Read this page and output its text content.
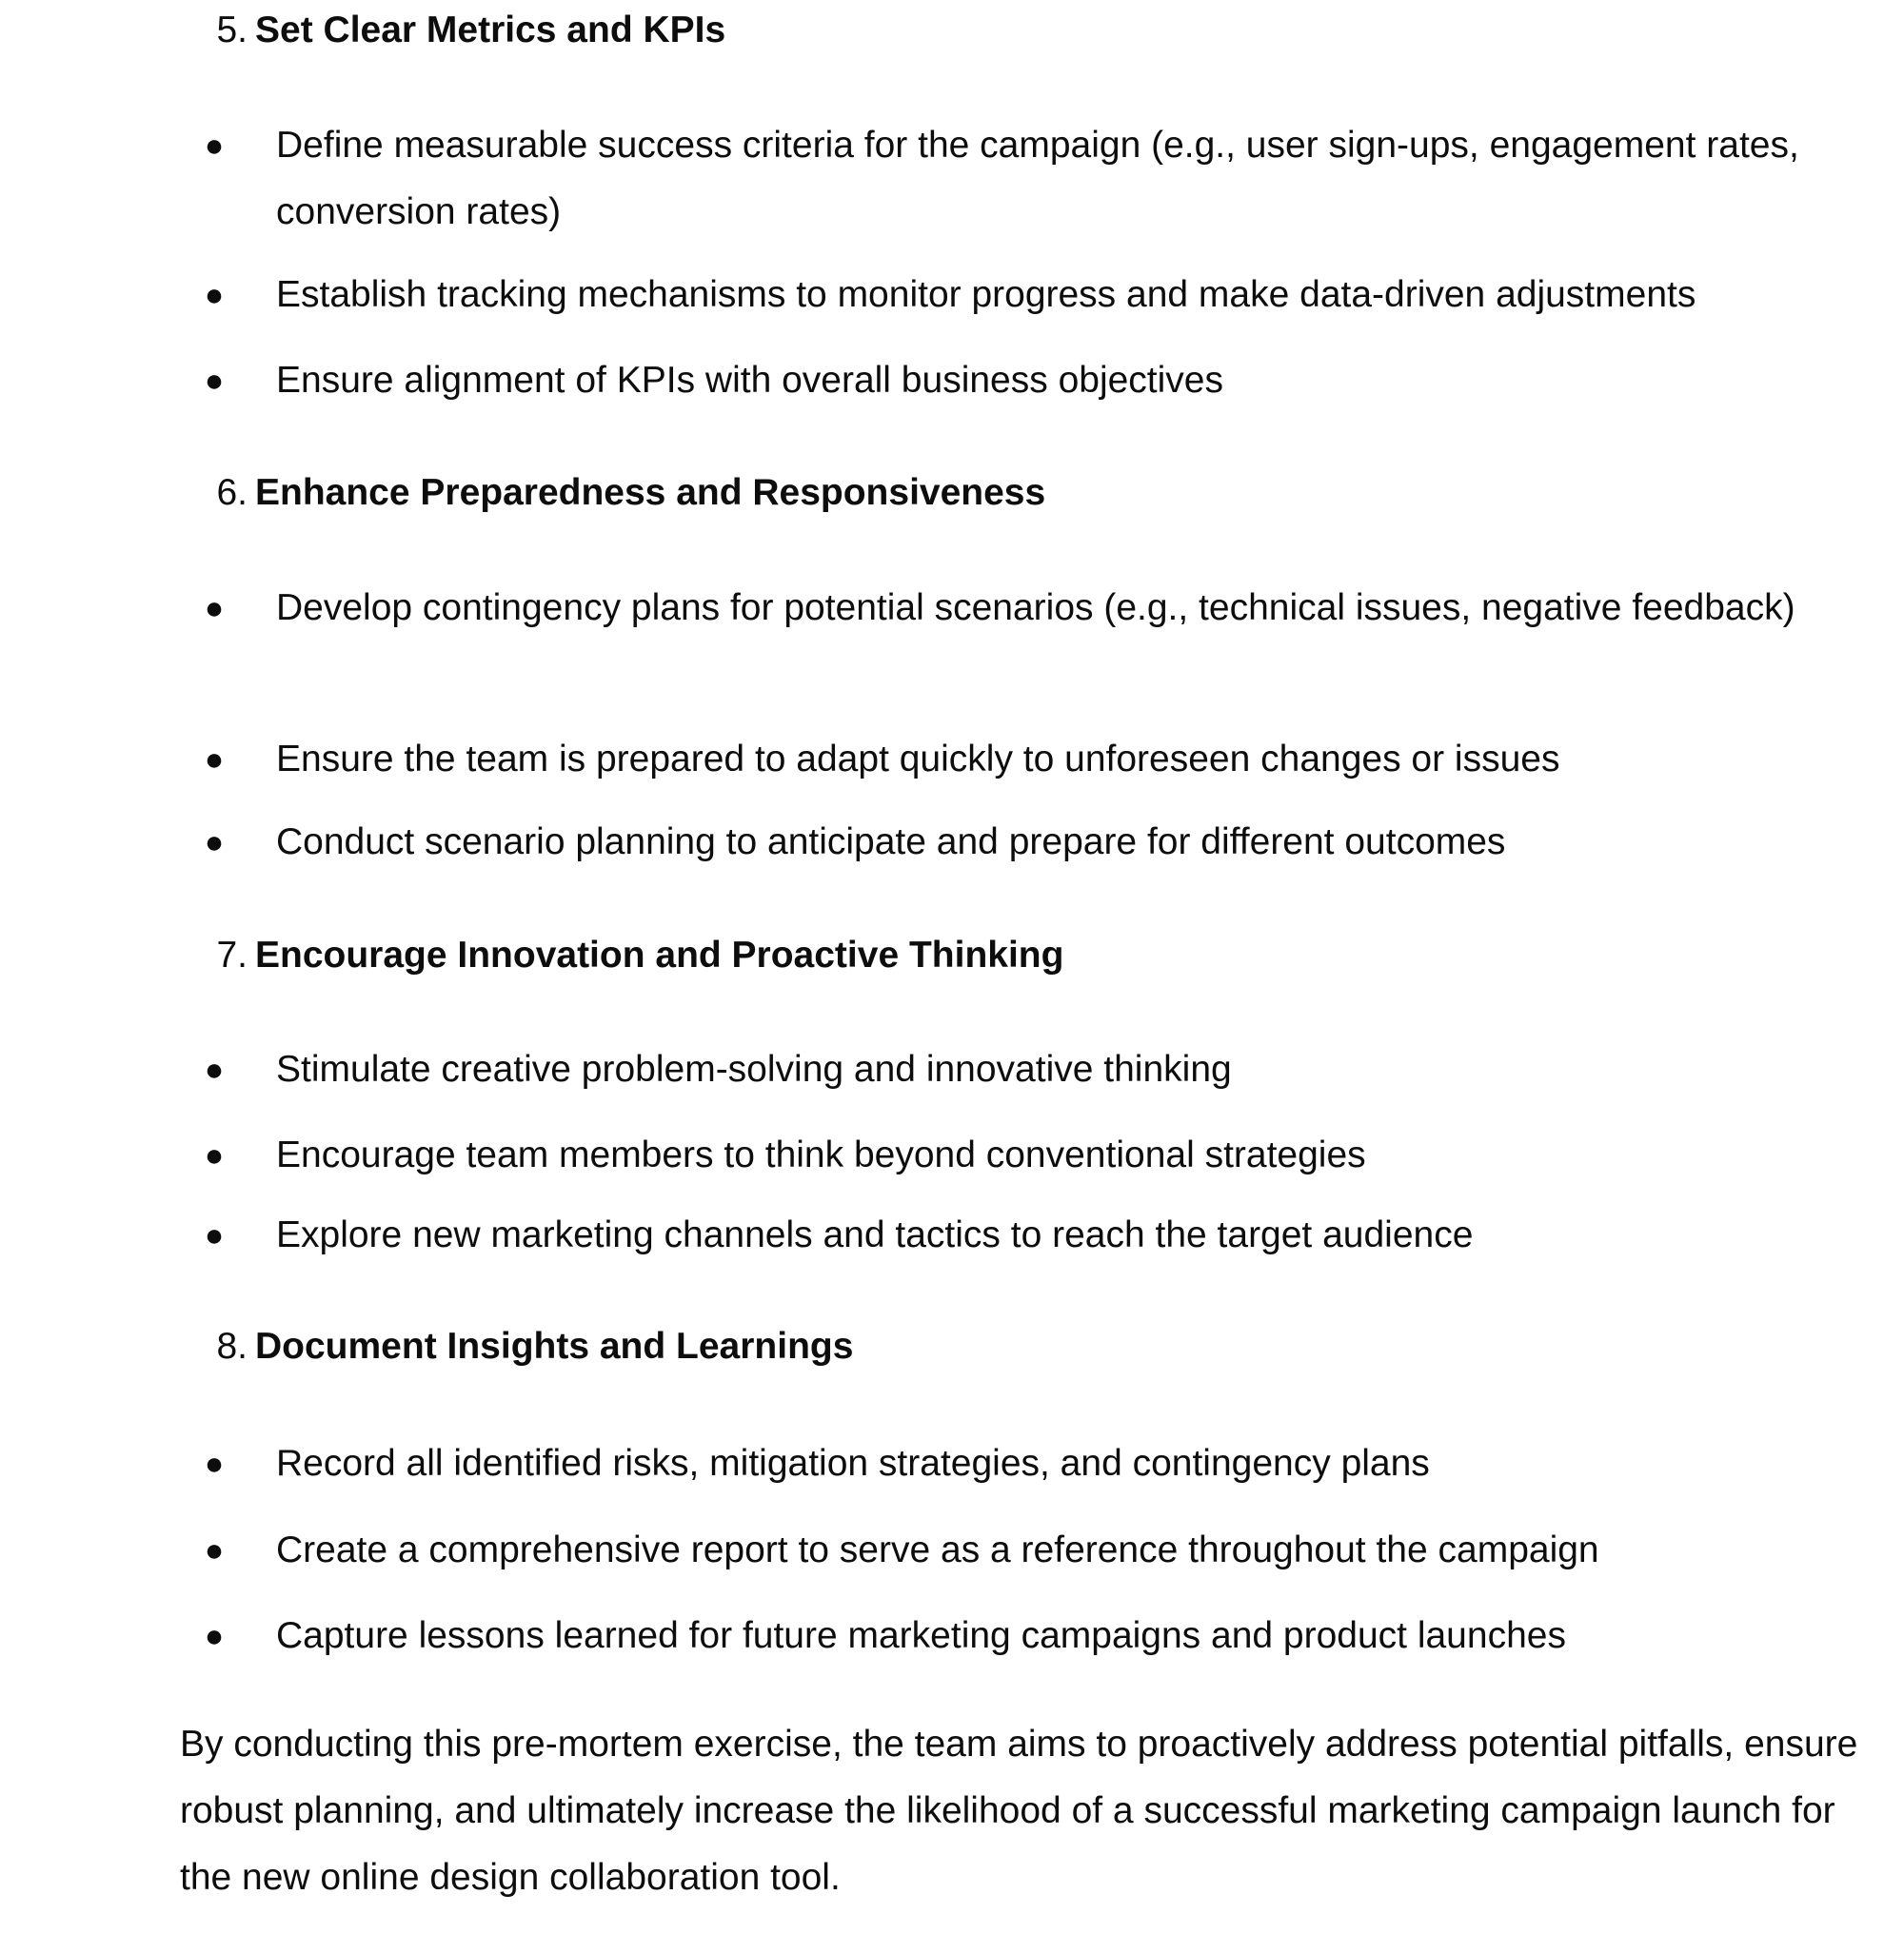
5. Set Clear Metrics and KPIs
● Define measurable success criteria for the campaign (e.g., user sign-ups, engagement rates, conversion rates)
● Establish tracking mechanisms to monitor progress and make data-driven adjustments
● Ensure alignment of KPIs with overall business objectives
6. Enhance Preparedness and Responsiveness
● Develop contingency plans for potential scenarios (e.g., technical issues, negative feedback)
● Ensure the team is prepared to adapt quickly to unforeseen changes or issues
● Conduct scenario planning to anticipate and prepare for different outcomes
7. Encourage Innovation and Proactive Thinking
● Stimulate creative problem-solving and innovative thinking
● Encourage team members to think beyond conventional strategies
● Explore new marketing channels and tactics to reach the target audience
8. Document Insights and Learnings
● Record all identified risks, mitigation strategies, and contingency plans
● Create a comprehensive report to serve as a reference throughout the campaign
● Capture lessons learned for future marketing campaigns and product launches

By conducting this pre-mortem exercise, the team aims to proactively address potential pitfalls, ensure robust planning, and ultimately increase the likelihood of a successful marketing campaign launch for the new online design collaboration tool.
